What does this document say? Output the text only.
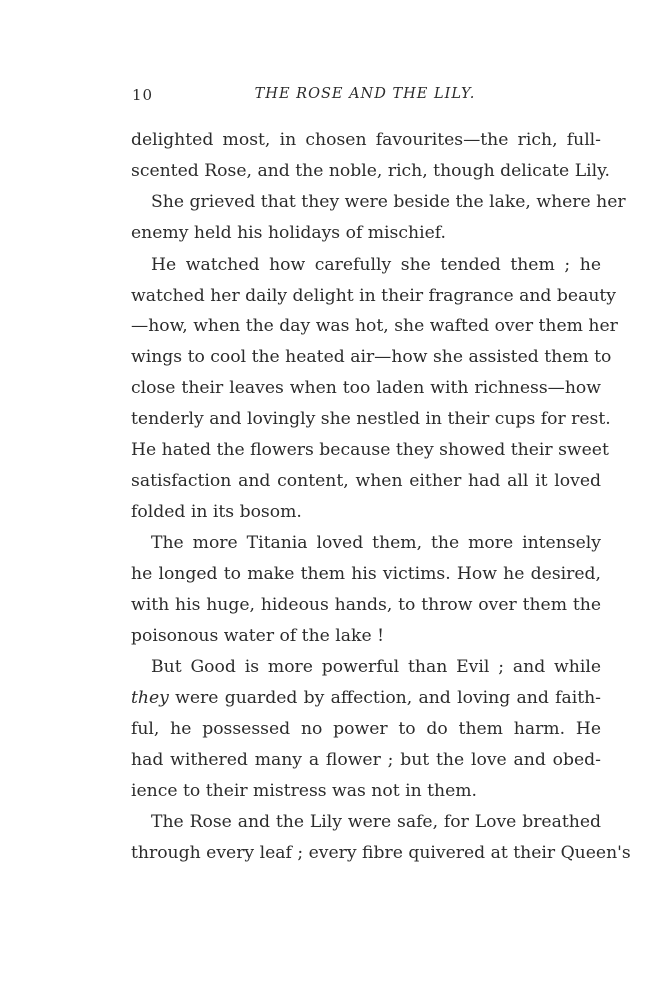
10	THE ROSE AND THE LILY.
delighted most, in chosen favourites—the rich, full-
scented Rose, and the noble, rich, though delicate Lily.
She grieved that they were beside the lake, where her
enemy held his holidays of mischief.
He watched how carefully she tended them ; he
watched her daily delight in their fragrance and beauty
—how, when the day was hot, she wafted over them her
wings to cool the heated air—how she assisted them to
close their leaves when too laden with richness—how
tenderly and lovingly she nestled in their cups for rest.
He hated the flowers because they showed their sweet
satisfaction and content, when either had all it loved
folded in its bosom.
The more Titania loved them, the more intensely
he longed to make them his victims. How he desired,
with his huge, hideous hands, to throw over them the
poisonous water of the lake !
But Good is more powerful than Evil ; and while
they were guarded by affection, and loving and faith-
ful, he possessed no power to do them harm. He
had withered many a flower ; but the love and obed-
ience to their mistress was not in them.
The Rose and the Lily were safe, for Love breathed
through every leaf ; every fibre quivered at their Queen's
